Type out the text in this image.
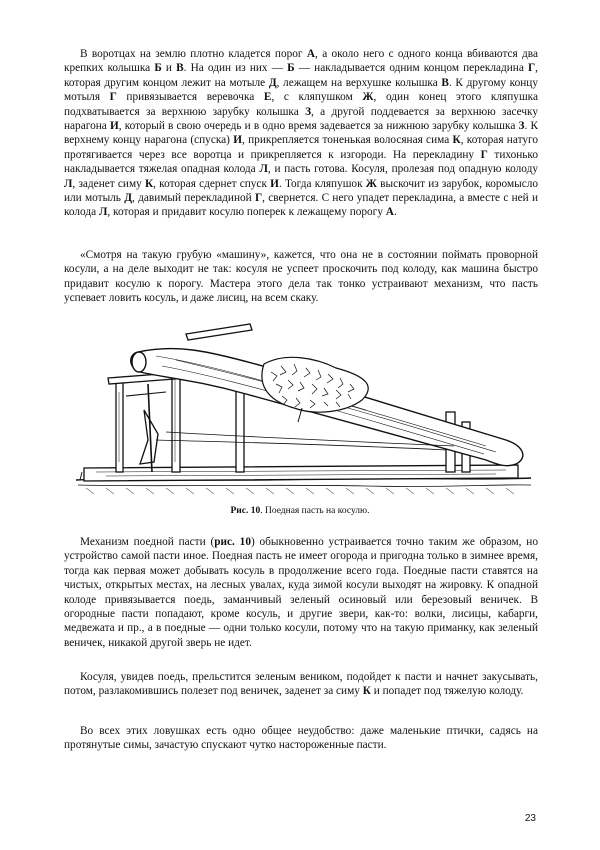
В воротцах на землю плотно кладется порог А, а около него с одного конца вбиваются два крепких колышка Б и В. На один из них — Б — накладывается одним концом перекладина Г, которая другим концом лежит на мотыле Д, лежащем на верхушке колышка В. К другому концу мотыля Г привязывается веревочка Е, с кляпушком Ж, один конец этого кляпушка подхватывается за верхнюю зарубку колышка З, а другой поддевается за верхнюю засечку нарагона И, который в свою очередь и в одно время задевается за нижнюю зарубку колышка З. К верхнему концу нарагона (спуска) И, прикрепляется тоненькая волосяная сима К, которая натуго протягивается через все воротца и прикрепляется к изгороди. На перекладину Г тихонько накладывается тяжелая опадная колода Л, и пасть готова. Косуля, пролезая под опадную колоду Л, заденет симу К, которая сдернет спуск И. Тогда кляпушок Ж выскочит из зарубок, коромысло или мотыль Д, давимый перекладиной Г, свернется. С него упадет перекладина, а вместе с ней и колода Л, которая и придавит косулю поперек к лежащему порогу А.

«Смотря на такую грубую «машину», кажется, что она не в состоянии поймать проворной косули, а на деле выходит не так: косуля не успеет проскочить под колоду, как машина быстро придавит косулю к порогу. Мастера этого дела так тонко устраивают механизм, что пасть успевает ловить косуль, и даже лисиц, на всем скаку.

Рис. 10. Поедная пасть на косулю.

Механизм поедной пасти (рис. 10) обыкновенно устраивается точно таким же образом, но устройство самой пасти иное. Поедная пасть не имеет огорода и пригодна только в зимнее время, тогда как первая может добывать косуль в продолжение всего года. Поедные пасти ставятся на чистых, открытых местах, на лесных увалах, куда зимой косули выходят на жировку. К опадной колоде привязывается поедь, заманчивый зеленый осиновый или березовый веничек. В огородные пасти попадают, кроме косуль, и другие звери, как-то: волки, лисицы, кабарги, медвежата и пр., а в поедные — одни только косули, потому что на такую приманку, как зеленый веничек, никакой другой зверь не идет.

Косуля, увидев поедь, прельстится зеленым веником, подойдет к пасти и начнет закусывать, потом, разлакомившись полезет под веничек, заденет за симу К и попадет под тяжелую колоду.

Во всех этих ловушках есть одно общее неудобство: даже маленькие птички, садясь на протянутые симы, зачастую спускают чутко настороженные пасти.

23
